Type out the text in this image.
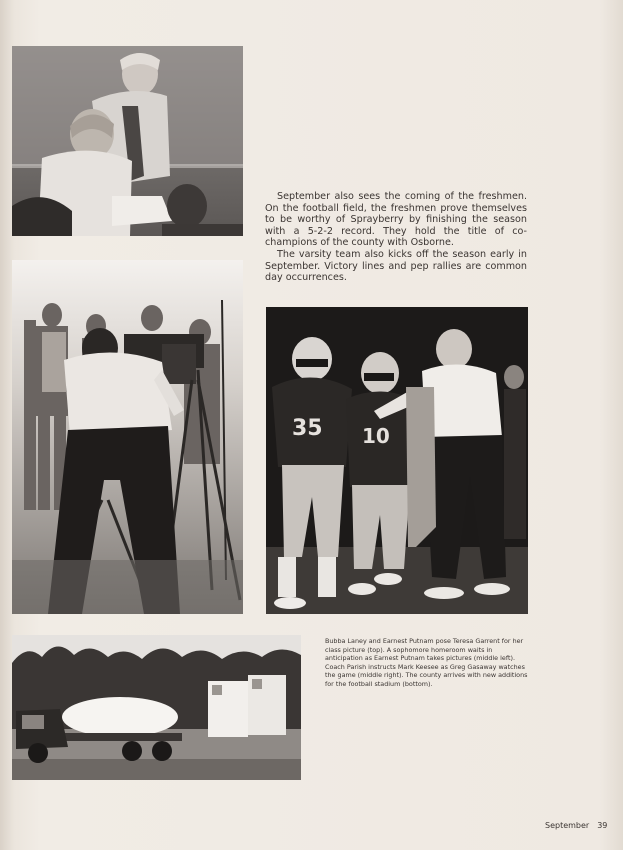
35 10

September also sees the coming of the freshmen. On the football field, the freshmen prove themselves to be worthy of Sprayberry by finishing the season with a 5-2-2 record. They hold the title of co-champions of the county with Osborne.

The varsity team also kicks off the season early in September. Victory lines and pep rallies are common day occurrences.

Bubba Laney and Earnest Putnam pose Teresa Garrent for her class picture (top). A sophomore homeroom waits in anticipation as Earnest Putnam takes pictures (middle left). Coach Parish instructs Mark Keesee as Greg Gasaway watches the game (middle right). The county arrives with new additions for the football stadium (bottom).
September 39
